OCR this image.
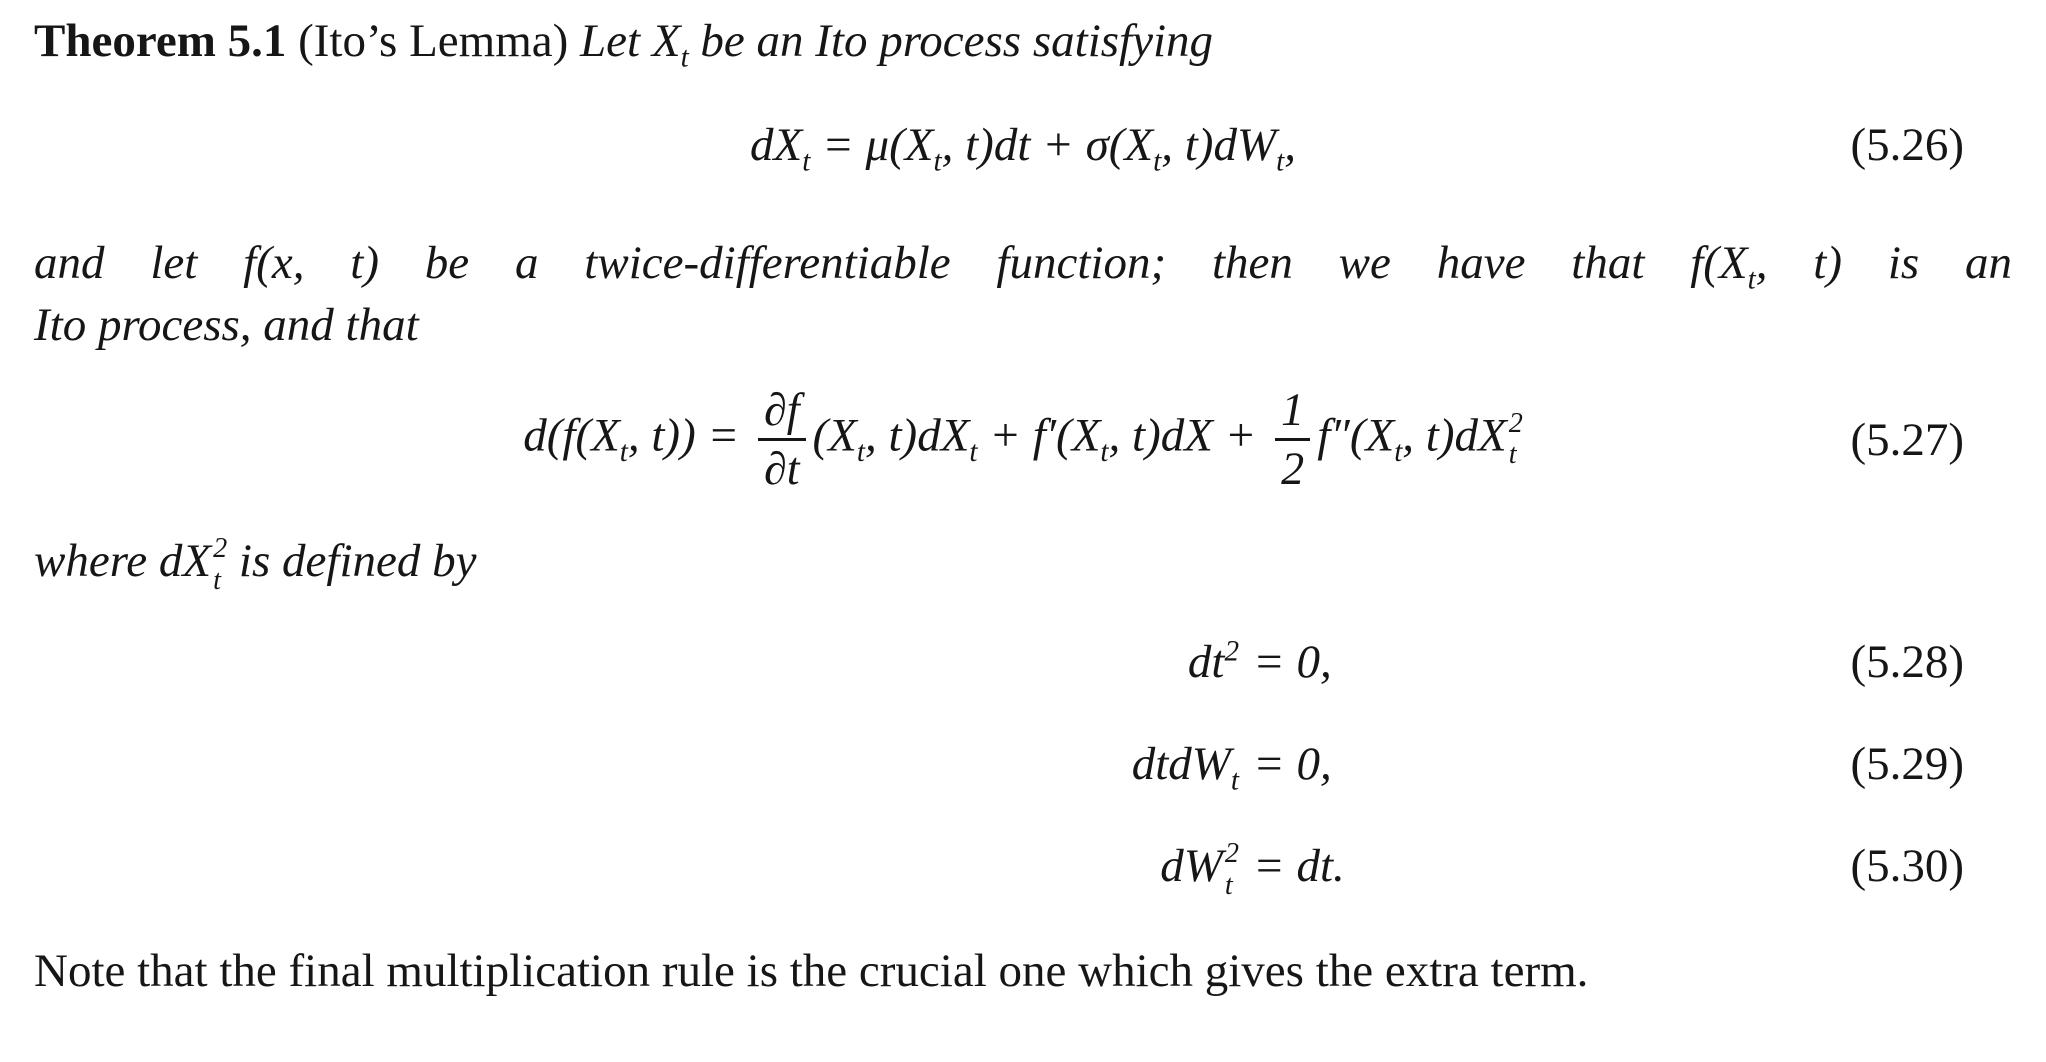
Theorem 5.1 (Ito’s Lemma) Let $X_t$ be an Ito process satisfying

$dX_t = \mu(X_t$, $t)dt + \sigma(X_t$, $t)dW_t$,	(5.26)

and let f(x, t) be a twice-differentiable function; then we have that $f(X_t$, t) is an

Ito process, and that

$d(f(X_t$, $t)) = \frac{\partial f}{\partial t} (X_t$, $t)dX_t + f'(X_t$, $t)dX + \frac{1}{2} f''(X_t$, t)dX 2
t	(5.27)

where dX 2
t is defined by

$dt^2 = 0$,	(5.28)
dtdW$_t$ = 0,	(5.29)
dW 2
t = dt.	(5.30)

Note that the final multiplication rule is the crucial one which gives the extra term.
